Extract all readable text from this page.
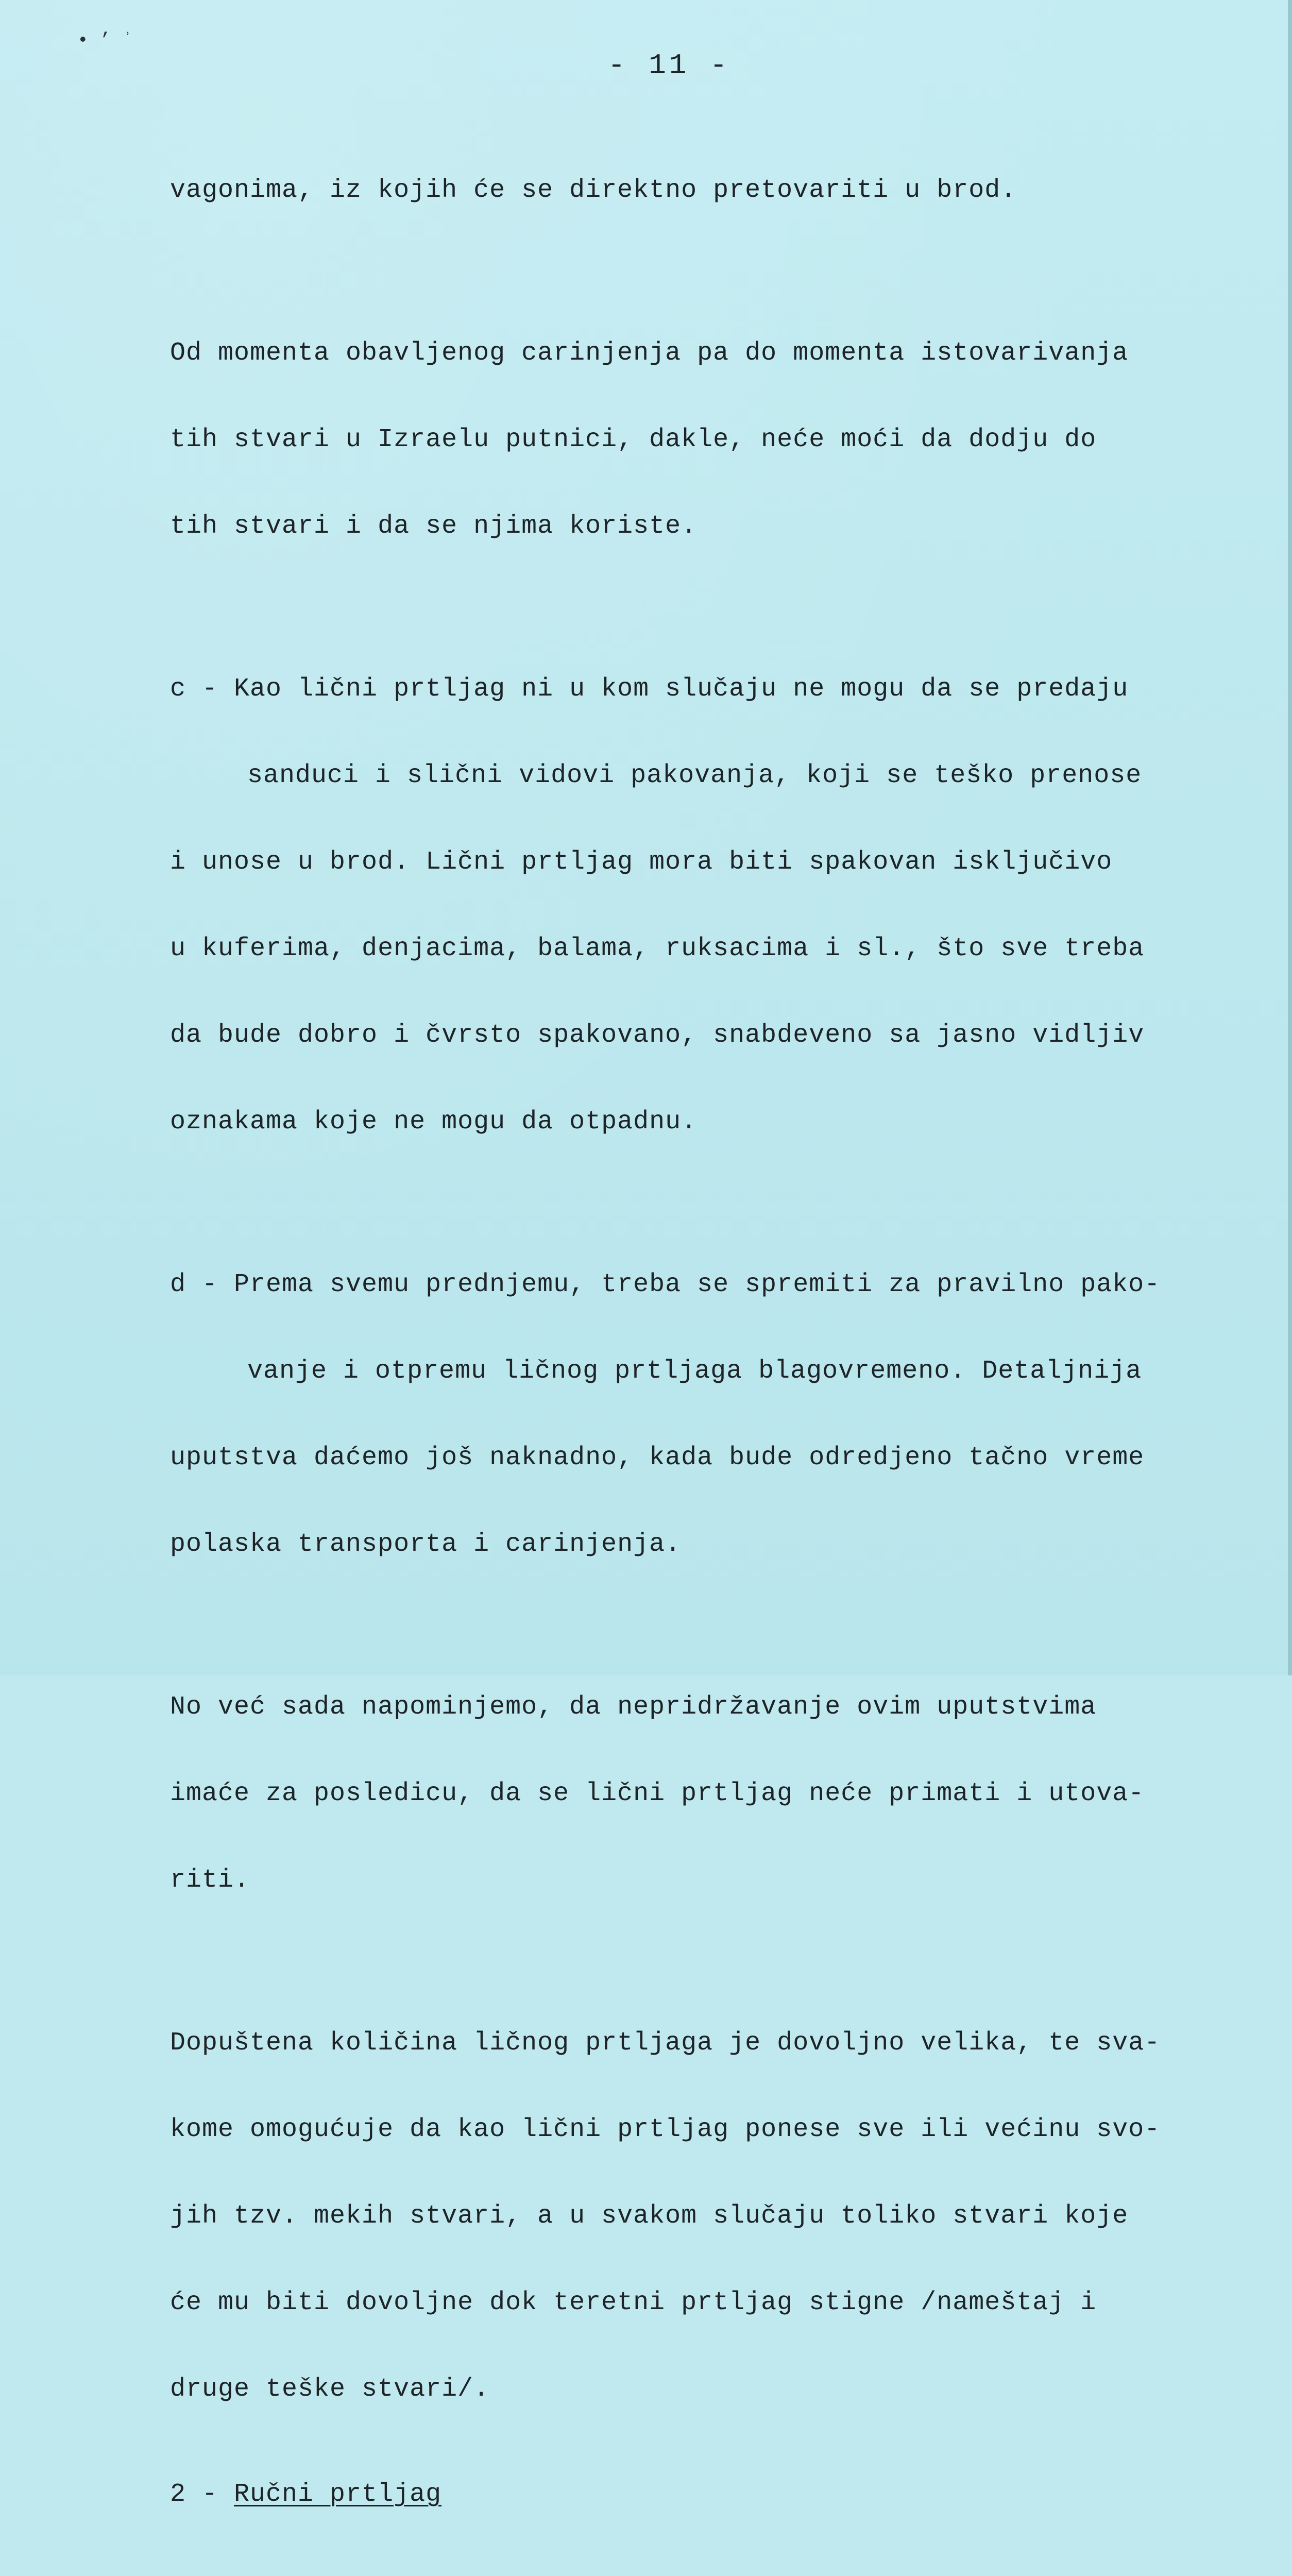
• ’ ʾ
- 11 -

vagonima, iz kojih će se direktno pretovariti u brod.

Od momenta obavljenog carinjenja pa do momenta istovarivanja

tih stvari u Izraelu putnici, dakle, neće moći da dodju do

tih stvari i da se njima koriste.

c - Kao lični prtljag ni u kom slučaju ne mogu da se predaju

sanduci i slični vidovi pakovanja, koji se teško prenose

i unose u brod. Lični prtljag mora biti spakovan isključivo

u kuferima, denjacima, balama, ruksacima i sl., što sve treba

da bude dobro i čvrsto spakovano, snabdeveno sa jasno vidljiv

oznakama koje ne mogu da otpadnu.

d - Prema svemu prednjemu, treba se spremiti za pravilno pako-

vanje i otpremu ličnog prtljaga blagovremeno. Detaljnija

uputstva daćemo još naknadno, kada bude odredjeno tačno vreme

polaska transporta i carinjenja.

No već sada napominjemo, da nepridržavanje ovim uputstvima

imaće za posledicu, da se lični prtljag neće primati i utova-

riti.

Dopuštena količina ličnog prtljaga je dovoljno velika, te sva-

kome omogućuje da kao lični prtljag ponese sve ili većinu svo-

jih tzv. mekih stvari, a u svakom slučaju toliko stvari koje

će mu biti dovoljne dok teretni prtljag stigne /nameštaj i

druge teške stvari/.

2 - Ručni prtljag
